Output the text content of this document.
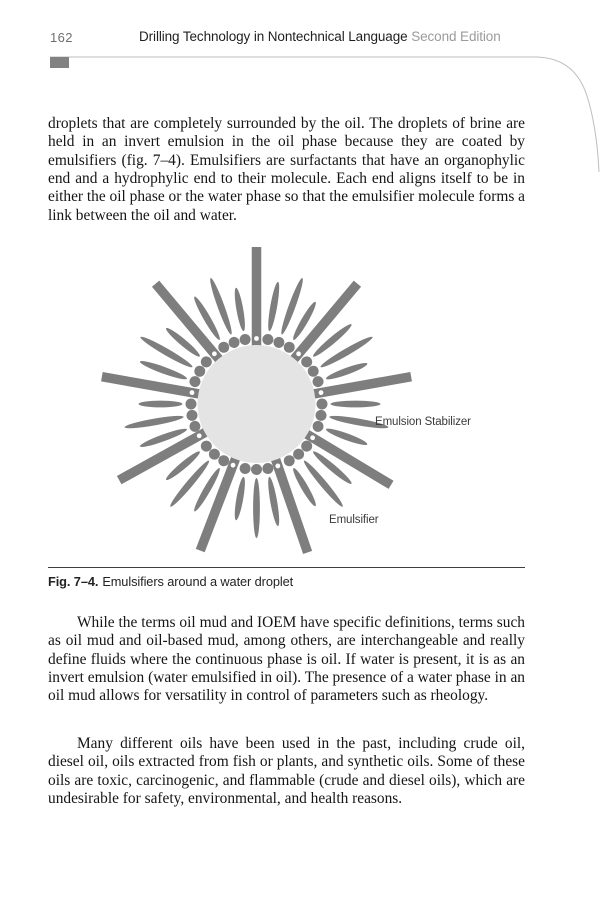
162	Drilling Technology in Nontechnical Language Second Edition

droplets that are completely surrounded by the oil. The droplets of brine are held in an invert emulsion in the oil phase because they are coated by emulsifiers (fig. 7–4). Emulsifiers are surfactants that have an organophylic end and a hydrophylic end to their molecule. Each end aligns itself to be in either the oil phase or the water phase so that the emulsifier molecule forms a link between the oil and water.

Emulsion Stabilizer
Emulsifier

Fig. 7–4. Emulsifiers around a water droplet

While the terms oil mud and IOEM have specific definitions, terms such as oil mud and oil-based mud, among others, are interchangeable and really define fluids where the continuous phase is oil. If water is present, it is as an invert emulsion (water emulsified in oil). The presence of a water phase in an oil mud allows for versatility in control of parameters such as rheology.

Many different oils have been used in the past, including crude oil, diesel oil, oils extracted from fish or plants, and synthetic oils. Some of these oils are toxic, carcinogenic, and flammable (crude and diesel oils), which are undesirable for safety, environmental, and health reasons.
